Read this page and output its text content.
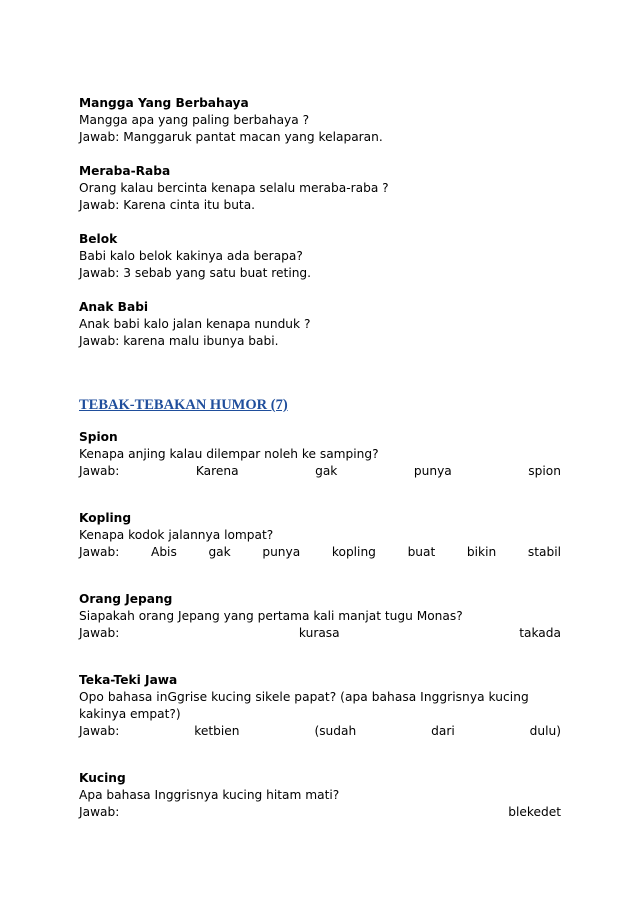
Mangga Yang Berbahaya
Mangga apa yang paling berbahaya ?
Jawab: Manggaruk pantat macan yang kelaparan.
Meraba-Raba
Orang kalau bercinta kenapa selalu meraba-raba ?
Jawab: Karena cinta itu buta.
Belok
Babi kalo belok kakinya ada berapa?
Jawab: 3 sebab yang satu buat reting.
Anak Babi
Anak babi kalo jalan kenapa nunduk ?
Jawab: karena malu ibunya babi.
TEBAK-TEBAKAN HUMOR (7)
Spion
Kenapa anjing kalau dilempar noleh ke samping?
Jawab:	Karena	gak	punya	spion
Kopling
Kenapa kodok jalannya lompat?
Jawab:	Abis	gak	punya	kopling	buat	bikin	stabil
Orang Jepang
Siapakah orang Jepang yang pertama kali manjat tugu Monas?
Jawab:	kurasa	takada
Teka-Teki Jawa
Opo bahasa inGgrise kucing sikele papat? (apa bahasa Inggrisnya kucing
kakinya empat?)
Jawab:	ketbien	(sudah	dari	dulu)
Kucing
Apa bahasa Inggrisnya kucing hitam mati?
Jawab:	blekedet
